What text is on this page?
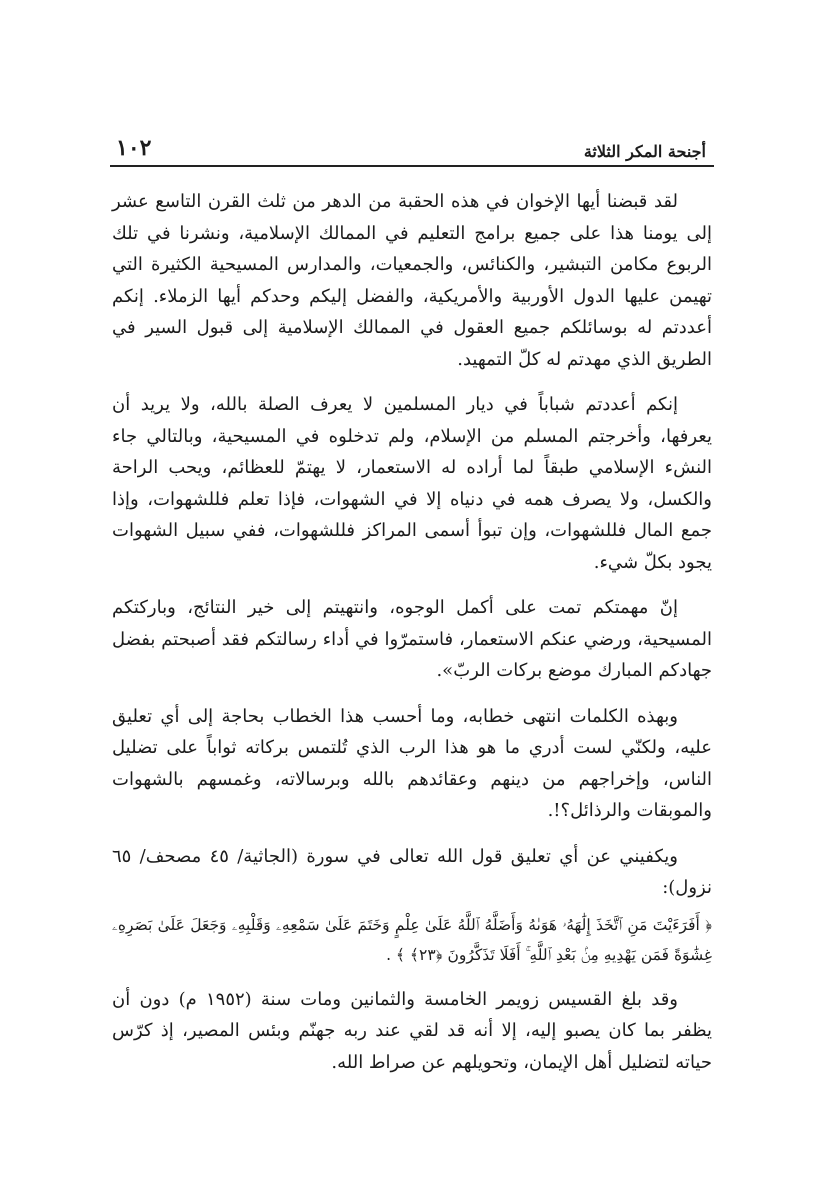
أجنحة المكر الثلاثة
١٠٢

لقد قبضنا أيها الإخوان في هذه الحقبة من الدهر من ثلث القرن التاسع عشر إلى يومنا هذا على جميع برامج التعليم في الممالك الإسلامية، ونشرنا في تلك الربوع مكامن التبشير، والكنائس، والجمعيات، والمدارس المسيحية الكثيرة التي تهيمن عليها الدول الأوربية والأمريكية، والفضل إليكم وحدكم أيها الزملاء. إنكم أعددتم له بوسائلكم جميع العقول في الممالك الإسلامية إلى قبول السير في الطريق الذي مهدتم له كلّ التمهيد.

إنكم أعددتم شباباً في ديار المسلمين لا يعرف الصلة بالله، ولا يريد أن يعرفها، وأخرجتم المسلم من الإسلام، ولم تدخلوه في المسيحية، وبالتالي جاء النشء الإسلامي طبقاً لما أراده له الاستعمار، لا يهتمّ للعظائم، ويحب الراحة والكسل، ولا يصرف همه في دنياه إلا في الشهوات، فإذا تعلم فللشهوات، وإذا جمع المال فللشهوات، وإن تبوأ أسمى المراكز فللشهوات، ففي سبيل الشهوات يجود بكلّ شيء.

إنّ مهمتكم تمت على أكمل الوجوه، وانتهيتم إلى خير النتائج، وباركتكم المسيحية، ورضي عنكم الاستعمار، فاستمرّوا في أداء رسالتكم فقد أصبحتم بفضل جهادكم المبارك موضع بركات الربّ».

وبهذه الكلمات انتهى خطابه، وما أحسب هذا الخطاب بحاجة إلى أي تعليق عليه، ولكنّي لست أدري ما هو هذا الرب الذي تُلتمس بركاته ثواباً على تضليل الناس، وإخراجهم من دينهم وعقائدهم بالله وبرسالاته، وغمسهم بالشهوات والموبقات والرذائل؟!.

ويكفيني عن أي تعليق قول الله تعالى في سورة (الجاثية/ ٤٥ مصحف/ ٦٥ نزول):

﴿ أَفَرَءَيْتَ مَنِ ٱتَّخَذَ إِلَٰهَهُۥ هَوَىٰهُ وَأَضَلَّهُ ٱللَّهُ عَلَىٰ عِلْمٍ وَخَتَمَ عَلَىٰ سَمْعِهِۦ وَقَلْبِهِۦ وَجَعَلَ عَلَىٰ بَصَرِهِۦ غِشَٰوَةً فَمَن يَهْدِيهِ مِنۢ بَعْدِ ٱللَّهِ ۚ أَفَلَا تَذَكَّرُونَ ﴿٢٣﴾ ﴾ .

وقد بلغ القسيس زويمر الخامسة والثمانين ومات سنة (١٩٥٢ م) دون أن يظفر بما كان يصبو إليه، إلا أنه قد لقي عند ربه جهنّم وبئس المصير، إذ كرّس حياته لتضليل أهل الإيمان، وتحويلهم عن صراط الله.
